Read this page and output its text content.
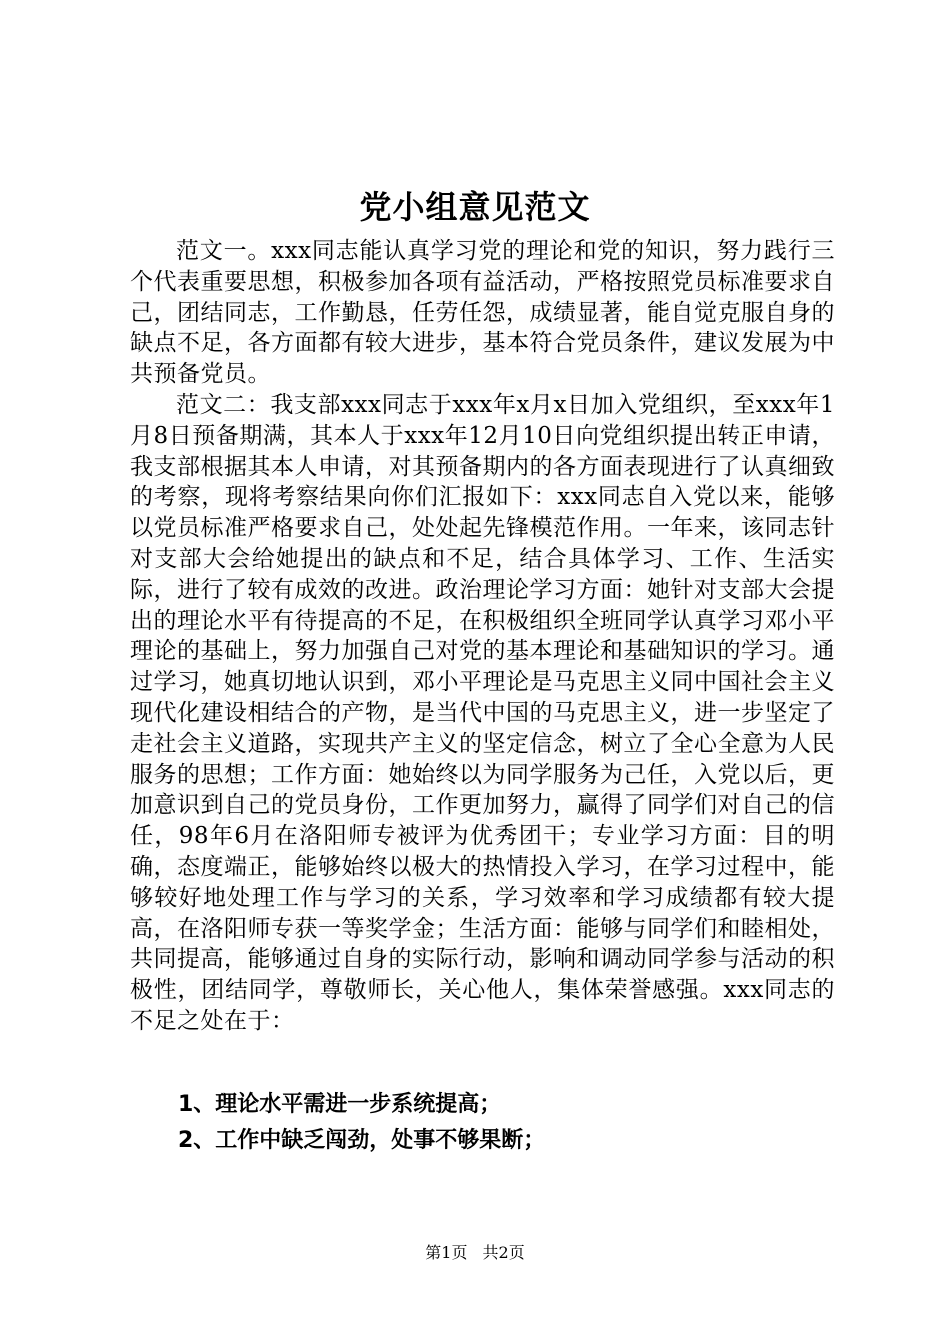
党小组意见范文

范文一。xxx同志能认真学习党的理论和党的知识，努力践行三个代表重要思想，积极参加各项有益活动，严格按照党员标准要求自己，团结同志，工作勤恳，任劳任怨，成绩显著，能自觉克服自身的缺点不足，各方面都有较大进步，基本符合党员条件，建议发展为中共预备党员。

范文二：我支部xxx同志于xxx年x月x日加入党组织，至xxx年1月8日预备期满，其本人于xxx年12月10日向党组织提出转正申请，我支部根据其本人申请，对其预备期内的各方面表现进行了认真细致的考察，现将考察结果向你们汇报如下：xxx同志自入党以来，能够以党员标准严格要求自己，处处起先锋模范作用。一年来，该同志针对支部大会给她提出的缺点和不足，结合具体学习、工作、生活实际，进行了较有成效的改进。政治理论学习方面：她针对支部大会提出的理论水平有待提高的不足，在积极组织全班同学认真学习邓小平理论的基础上，努力加强自己对党的基本理论和基础知识的学习。通过学习，她真切地认识到，邓小平理论是马克思主义同中国社会主义现代化建设相结合的产物，是当代中国的马克思主义，进一步坚定了走社会主义道路，实现共产主义的坚定信念，树立了全心全意为人民服务的思想；工作方面：她始终以为同学服务为己任，入党以后，更加意识到自己的党员身份，工作更加努力，赢得了同学们对自己的信任，98年6月在洛阳师专被评为优秀团干；专业学习方面：目的明确，态度端正，能够始终以极大的热情投入学习，在学习过程中，能够较好地处理工作与学习的关系，学习效率和学习成绩都有较大提高，在洛阳师专获一等奖学金；生活方面：能够与同学们和睦相处，共同提高，能够通过自身的实际行动，影响和调动同学参与活动的积极性，团结同学，尊敬师长，关心他人，集体荣誉感强。xxx同志的不足之处在于：

1、理论水平需进一步系统提高；
2、工作中缺乏闯劲，处事不够果断；
第1页 共2页
